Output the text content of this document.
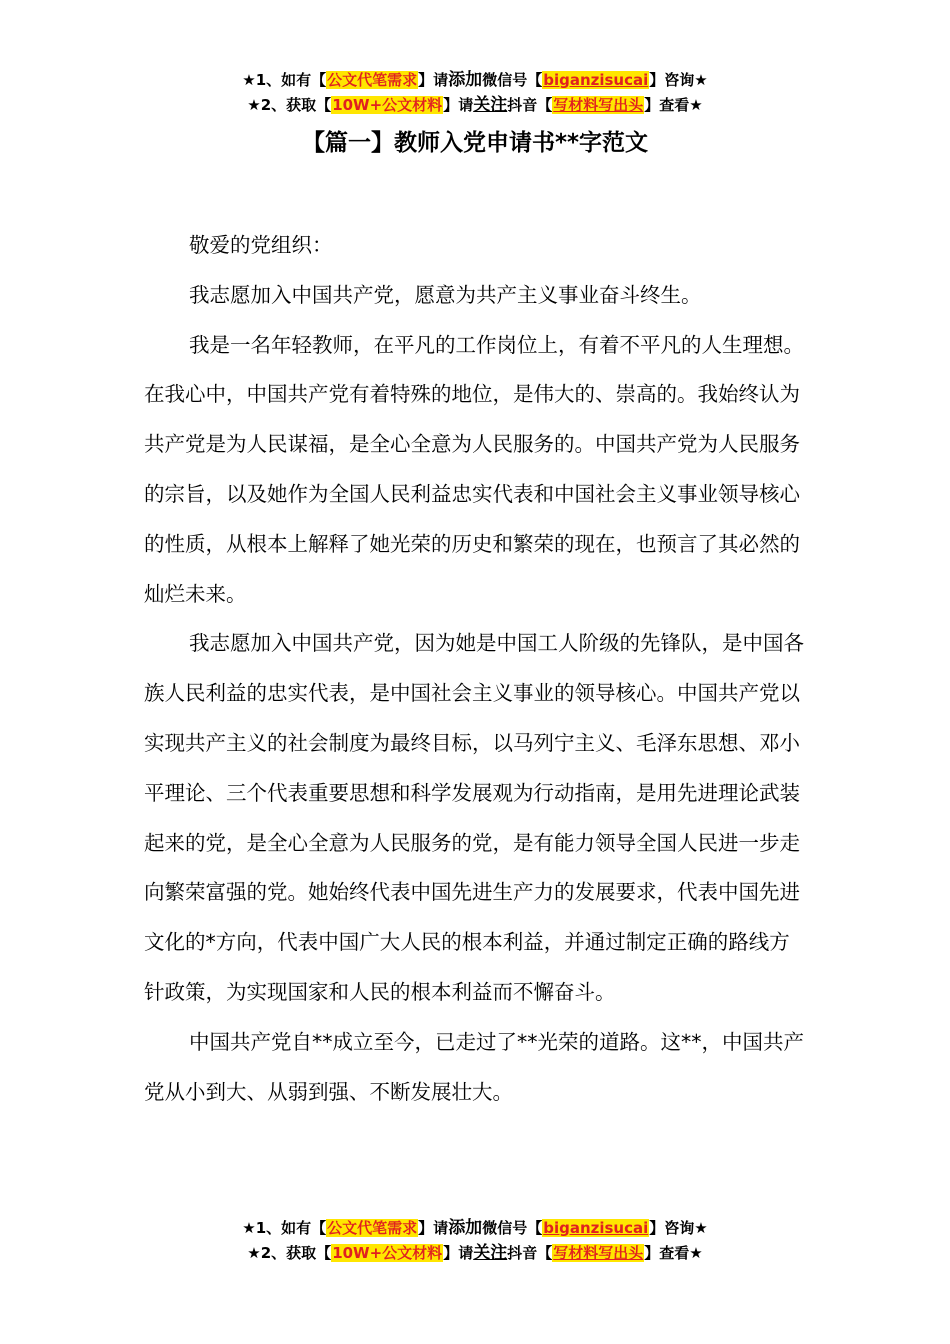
★1、如有【公文代笔需求】请添加微信号【biganzisucai】咨询★
★2、获取【10W+公文材料】请关注抖音【写材料写出头】查看★
【篇一】教师入党申请书**字范文

敬爱的党组织：

我志愿加入中国共产党，愿意为共产主义事业奋斗终生。

我是一名年轻教师，在平凡的工作岗位上，有着不平凡的人生理想。在我心中，中国共产党有着特殊的地位，是伟大的、崇高的。我始终认为共产党是为人民谋福，是全心全意为人民服务的。中国共产党为人民服务的宗旨，以及她作为全国人民利益忠实代表和中国社会主义事业领导核心的性质，从根本上解释了她光荣的历史和繁荣的现在，也预言了其必然的灿烂未来。

我志愿加入中国共产党，因为她是中国工人阶级的先锋队，是中国各族人民利益的忠实代表，是中国社会主义事业的领导核心。中国共产党以实现共产主义的社会制度为最终目标，以马列宁主义、毛泽东思想、邓小平理论、三个代表重要思想和科学发展观为行动指南，是用先进理论武装起来的党，是全心全意为人民服务的党，是有能力领导全国人民进一步走向繁荣富强的党。她始终代表中国先进生产力的发展要求，代表中国先进文化的*方向，代表中国广大人民的根本利益，并通过制定正确的路线方针政策，为实现国家和人民的根本利益而不懈奋斗。

中国共产党自**成立至今，已走过了**光荣的道路。这**，中国共产党从小到大、从弱到强、不断发展壮大。

★1、如有【公文代笔需求】请添加微信号【biganzisucai】咨询★
★2、获取【10W+公文材料】请关注抖音【写材料写出头】查看★
